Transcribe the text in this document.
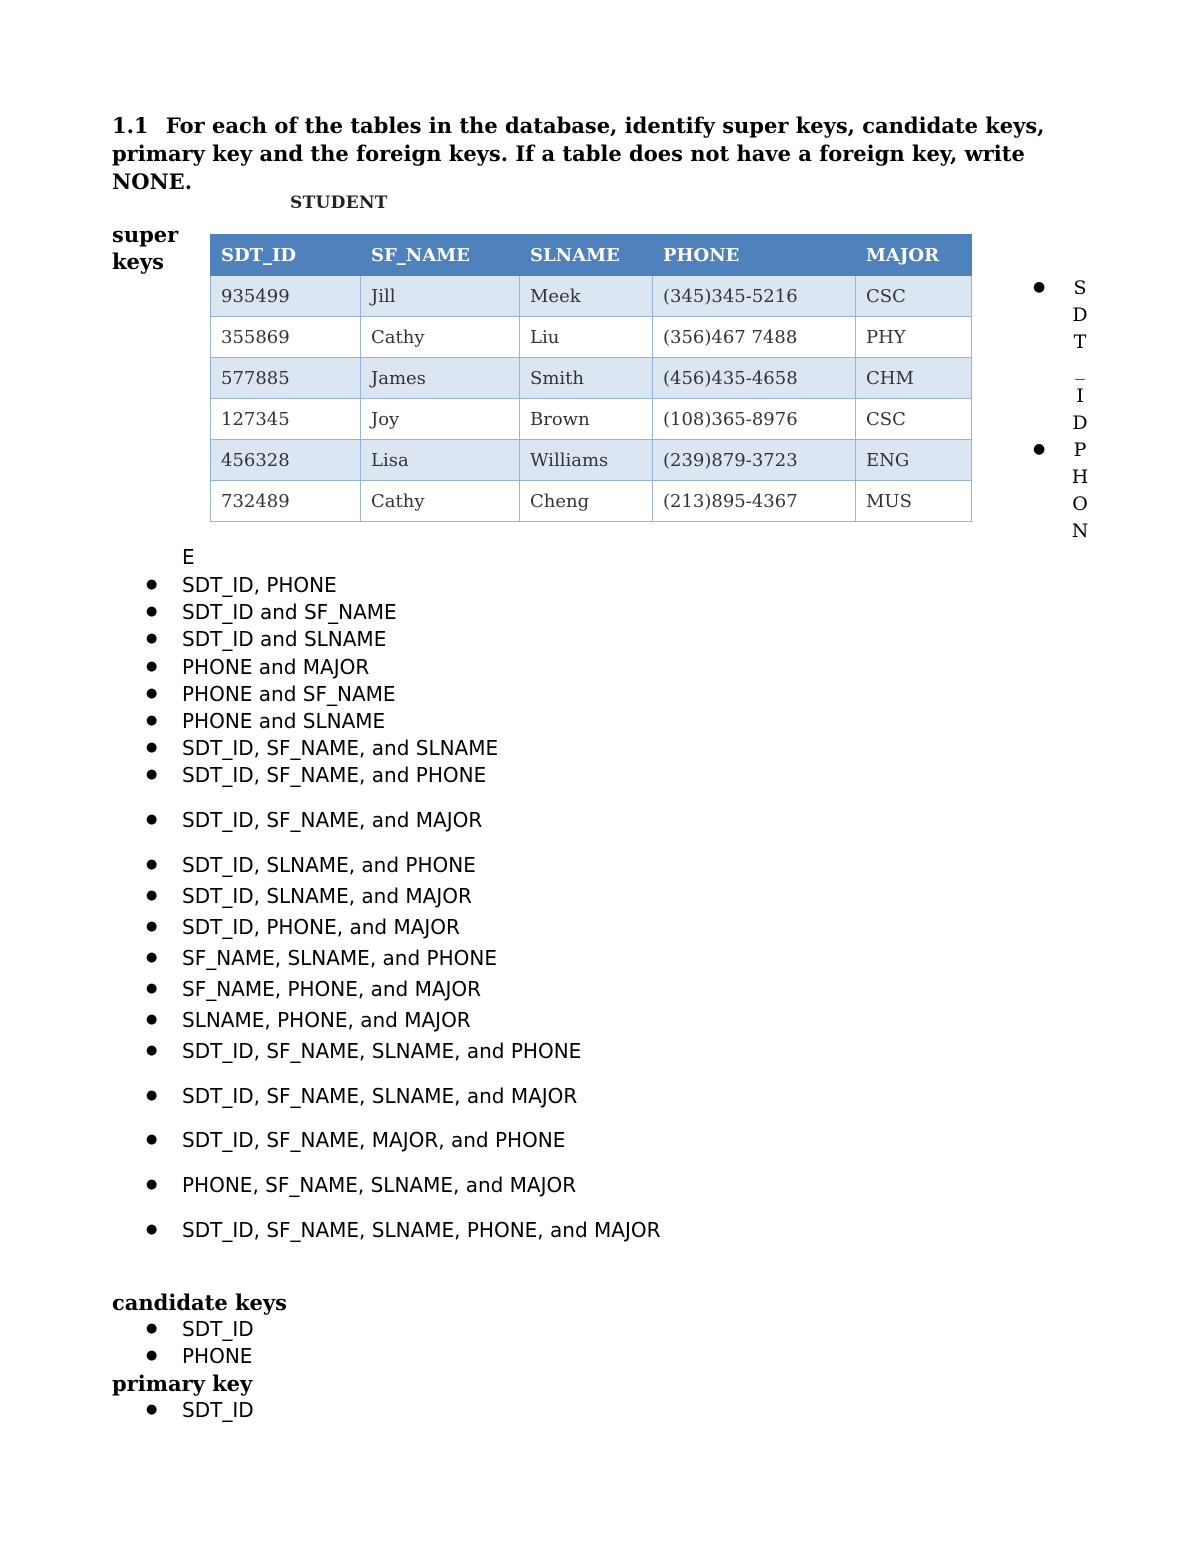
1.1 For each of the tables in the database, identify super keys, candidate keys, primary key and the foreign keys. If a table does not have a foreign key, write NONE.
STUDENT
super keys	SDT_ID	SF_NAME	SLNAME	PHONE	MAJOR
935499	Jill	Meek	(345)345-5216	CSC
355869	Cathy	Liu	(356)467 7488	PHY
577885	James	Smith	(456)435-4658	CHM
127345	Joy	Brown	(108)365-8976	CSC
456328	Lisa	Williams	(239)879-3723	ENG
732489	Cathy	Cheng	(213)895-4367	MUS
●
●
S
D
T
_
I
D
P
H
O
N
E
● SDT_ID, PHONE
● SDT_ID and SF_NAME
● SDT_ID and SLNAME
● PHONE and MAJOR
● PHONE and SF_NAME
● PHONE and SLNAME
● SDT_ID, SF_NAME, and SLNAME
● SDT_ID, SF_NAME, and PHONE
● SDT_ID, SF_NAME, and MAJOR
● SDT_ID, SLNAME, and PHONE
● SDT_ID, SLNAME, and MAJOR
● SDT_ID, PHONE, and MAJOR
● SF_NAME, SLNAME, and PHONE
● SF_NAME, PHONE, and MAJOR
● SLNAME, PHONE, and MAJOR
● SDT_ID, SF_NAME, SLNAME, and PHONE
● SDT_ID, SF_NAME, SLNAME, and MAJOR
● SDT_ID, SF_NAME, MAJOR, and PHONE
● PHONE, SF_NAME, SLNAME, and MAJOR
● SDT_ID, SF_NAME, SLNAME, PHONE, and MAJOR
candidate keys
● SDT_ID
● PHONE
primary key
● SDT_ID
